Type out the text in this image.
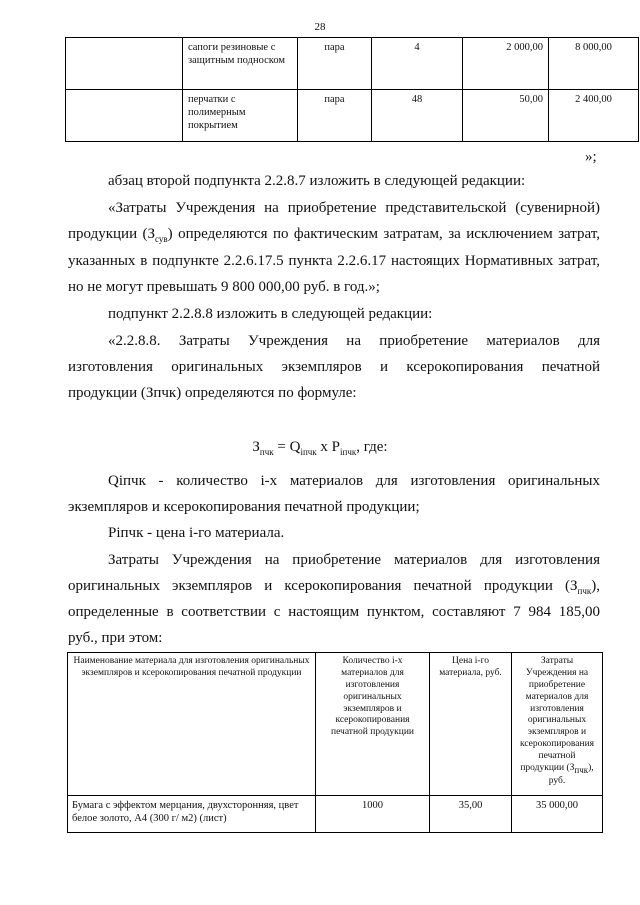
28
	сапоги резиновые с защитным подноском	пара	4	2 000,00	8 000,00
	перчатки с полимерным покрытием	пара	48	50,00	2 400,00
»;
абзац второй подпункта 2.2.8.7 изложить в следующей редакции:
«Затраты Учреждения на приобретение представительской (сувенирной)
продукции $(З_{сув})$ определяются по фактическим затратам, за исключением затрат,
указанных в подпункте 2.2.6.17.5 пункта 2.2.6.17 настоящих Нормативных затрат,
но не могут превышать 9 800 000,00 руб. в год.»;
подпункт 2.2.8.8 изложить в следующей редакции:
«2.2.8.8. Затраты Учреждения на приобретение материалов для
изготовления оригинальных экземпляров и ксерокопирования печатной
продукции (Зпчк) определяются по формуле:
$З_{пчк} = Q_{iпчк}$ x $P_{iпчк}$, где:
Qiпчк - количество i-х материалов для изготовления оригинальных
экземпляров и ксерокопирования печатной продукции;
Piпчк - цена i-го материала.
Затраты Учреждения на приобретение материалов для изготовления
оригинальных экземпляров и ксерокопирования печатной продукции $(З_{пчк})$,
определенные в соответствии с настоящим пунктом, составляют 7 984 185,00
руб., при этом:
Наименование материала для изготовления оригинальных экземпляров и ксерокопирования печатной продукции	Количество i-х материалов для изготовления оригинальных экземпляров и ксерокопирования печатной продукции	Цена i-го материала, руб.	Затраты Учреждения на приобретение материалов для изготовления оригинальных экземпляров и ксерокопирования печатной продукции $(З_{пчк})$, руб.
Бумага с эффектом мерцания, двухсторонняя, цвет белое золото, А4 (300 г/ м2) (лист)	1000	35,00	35 000,00
